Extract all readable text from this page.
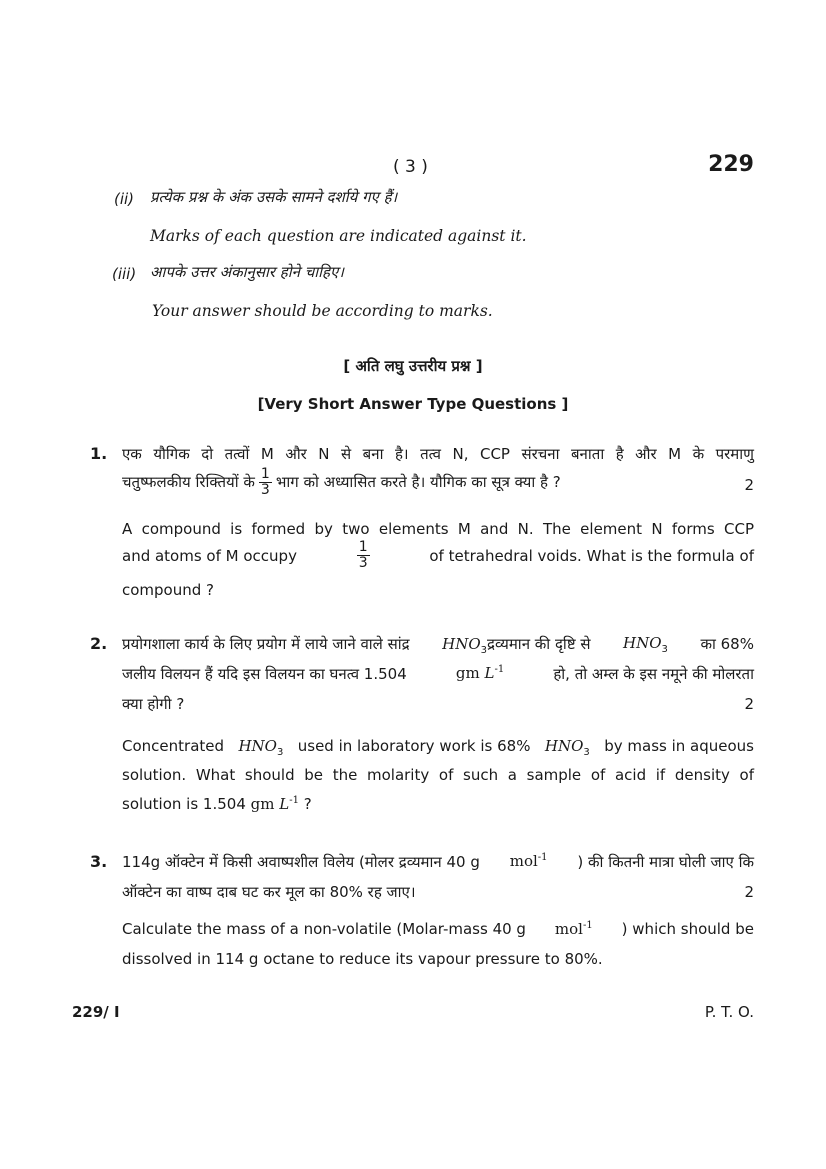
( 3 )	229
(ii) प्रत्येक प्रश्न के अंक उसके सामने दर्शाये गए हैं।
Marks of each question are indicated against it.
(iii) आपके उत्तर अंकानुसार होने चाहिए।
Your answer should be according to marks.
[ अति लघु उत्तरीय प्रश्न ]
[Very Short Answer Type Questions ]
1. एक यौगिक दो तत्वों M और N से बना है। तत्व N, CCP संरचना बनाता है और M के परमाणु
चतुष्फलकीय रिक्तियों के $\frac{1}{3}$ भाग को अध्यासित करते है। यौगिक का सूत्र क्या है ?	2
A compound is formed by two elements M and N. The element N forms CCP
and atoms of M occupy	$\frac{1}{3}$	of tetrahedral voids. What is the formula of
compound ?
2. प्रयोगशाला कार्य के लिए प्रयोग में लाये जाने वाले सांद्र $HNO_3द्रव्यमान$ की दृष्टि से $HNO_3$ का 68%
जलीय विलयन हैं यदि इस विलयन का घनत्व 1.504	gm $L^{-1}$	हो, तो अम्ल के इस नमूने की मोलरता
क्या होगी ?	2
Concentrated $HNO_3$ used in laboratory work is 68% $HNO_3$ by mass in aqueous
solution. What should be the molarity of such a sample of acid if density of
solution is 1.504 gm $L^{-1}$ ?
3. 114g ऑक्टेन में किसी अवाष्पशील विलेय (मोलर द्रव्यमान 40 g mol$^{-1}$ ) की कितनी मात्रा घोली जाए कि
ऑक्टेन का वाष्प दाब घट कर मूल का 80% रह जाए।	2
Calculate the mass of a non-volatile (Molar-mass 40 g mol$^{-1}$ ) which should be
dissolved in 114 g octane to reduce its vapour pressure to 80%.
229/ I	P. T. O.
